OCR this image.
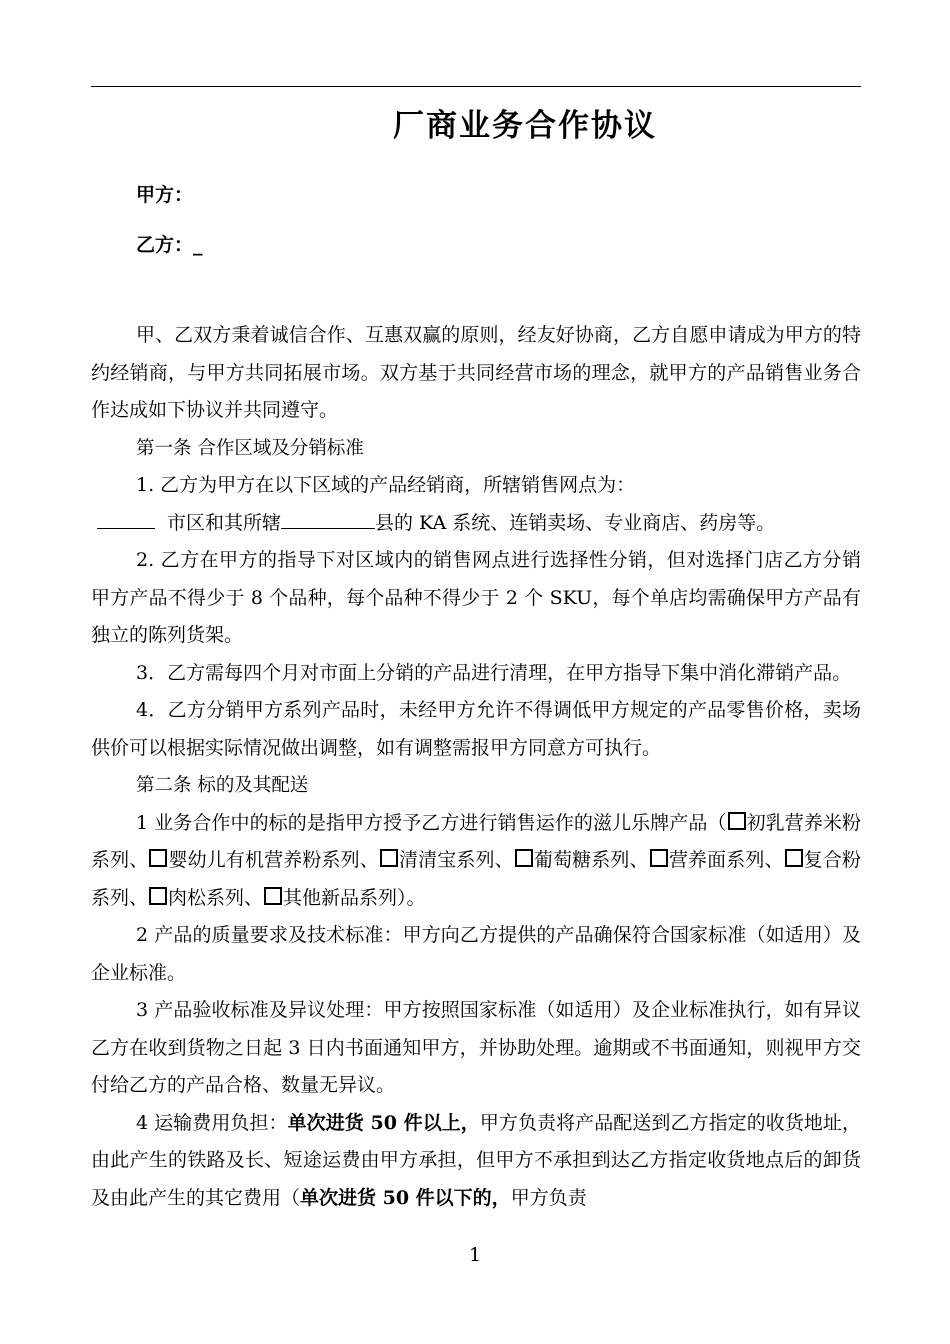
厂商业务合作协议
甲方：
乙方：_

甲、乙双方秉着诚信合作、互惠双赢的原则，经友好协商，乙方自愿申请成为甲方的特约经销商，与甲方共同拓展市场。双方基于共同经营市场的理念，就甲方的产品销售业务合作达成如下协议并共同遵守。

第一条 合作区域及分销标准

1. 乙方为甲方在以下区域的产品经销商，所辖销售网点为：

市区和其所辖	县的 KA 系统、连销卖场、专业商店、药房等。

2. 乙方在甲方的指导下对区域内的销售网点进行选择性分销，但对选择门店乙方分销甲方产品不得少于 8 个品种，每个品种不得少于 2 个 SKU，每个单店均需确保甲方产品有独立的陈列货架。

3．乙方需每四个月对市面上分销的产品进行清理，在甲方指导下集中消化滞销产品。

4．乙方分销甲方系列产品时，未经甲方允许不得调低甲方规定的产品零售价格，卖场供价可以根据实际情况做出调整，如有调整需报甲方同意方可执行。

第二条 标的及其配送

1 业务合作中的标的是指甲方授予乙方进行销售运作的滋儿乐牌产品（ 初乳营养米粉系列、 婴幼儿有机营养粉系列、 清清宝系列、 葡萄糖系列、 营养面系列、 复合粉系列、 肉松系列、 其他新品系列）。

2 产品的质量要求及技术标准：甲方向乙方提供的产品确保符合国家标准（如适用）及企业标准。

3 产品验收标准及异议处理：甲方按照国家标准（如适用）及企业标准执行，如有异议乙方在收到货物之日起 3 日内书面通知甲方，并协助处理。逾期或不书面通知，则视甲方交付给乙方的产品合格、数量无异议。

4 运输费用负担：单次进货 50 件以上，甲方负责将产品配送到乙方指定的收货地址，由此产生的铁路及长、短途运费由甲方承担，但甲方不承担到达乙方指定收货地点后的卸货及由此产生的其它费用（单次进货 50 件以下的，甲方负责

1
